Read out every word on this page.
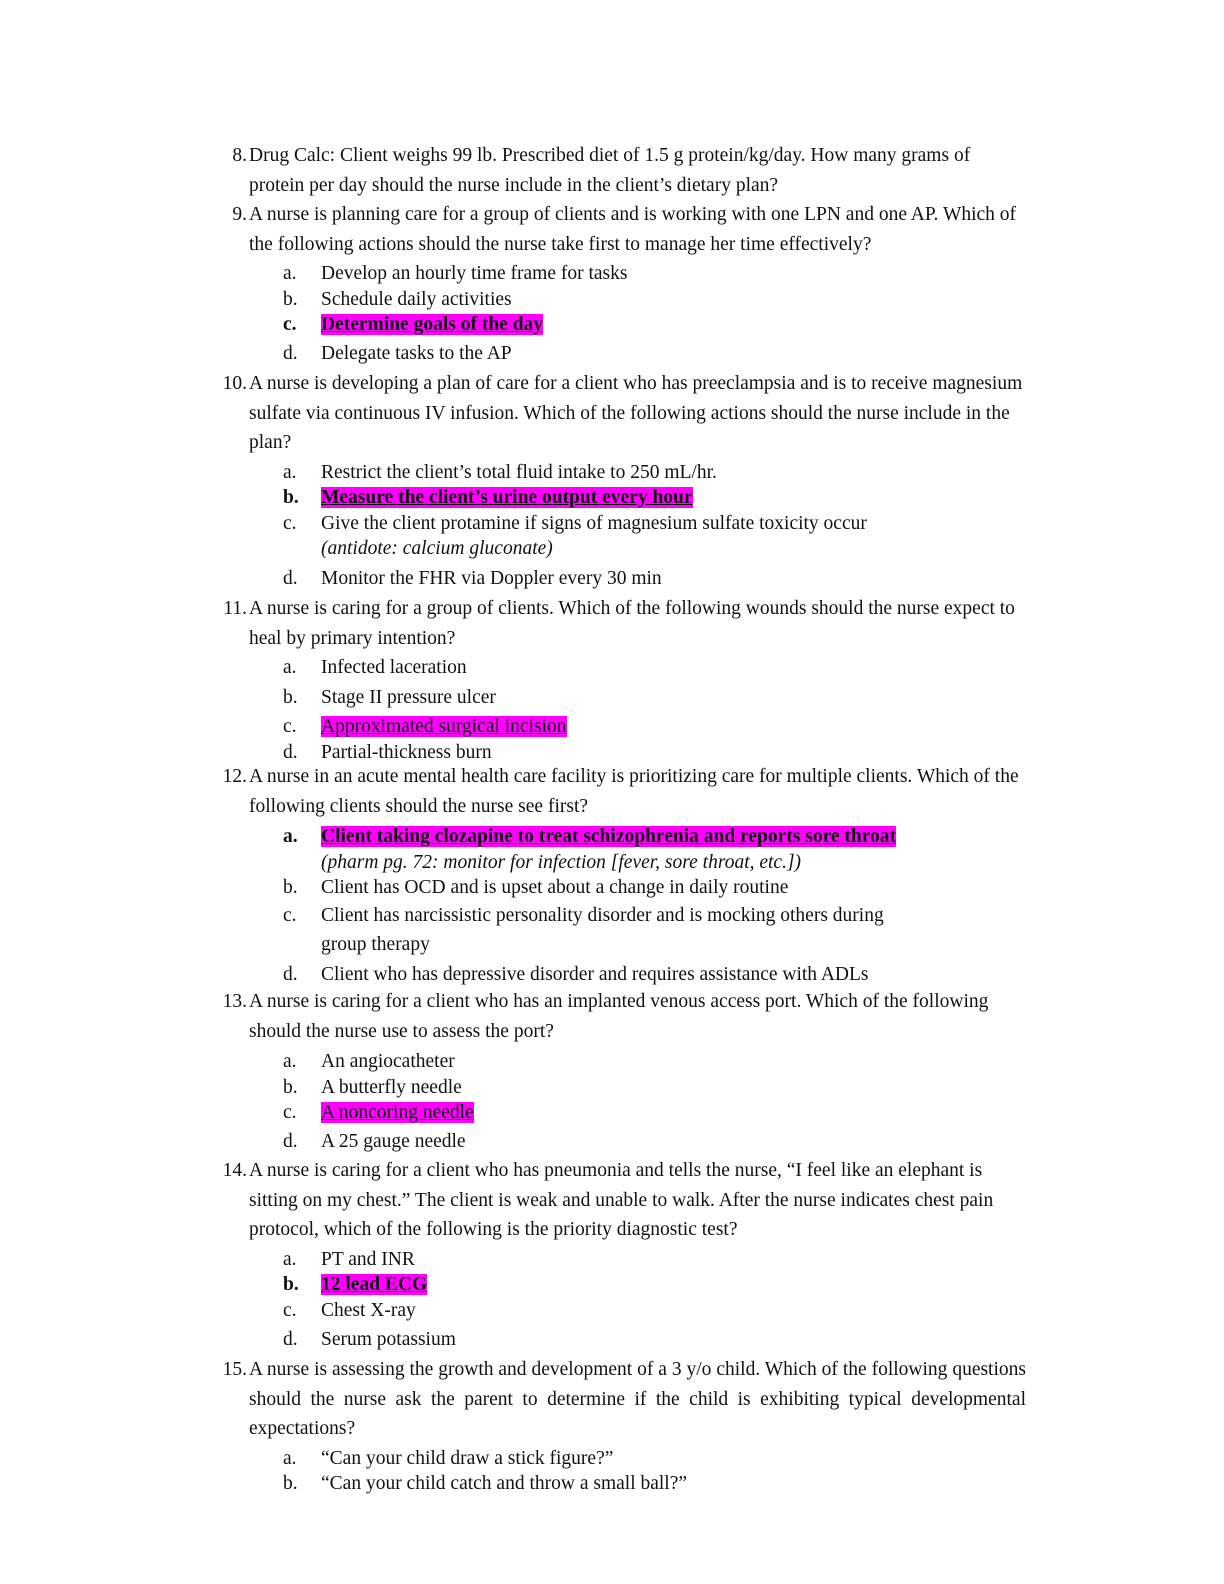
8. Drug Calc: Client weighs 99 lb. Prescribed diet of 1.5 g protein/kg/day. How many grams of protein per day should the nurse include in the client’s dietary plan?
9. A nurse is planning care for a group of clients and is working with one LPN and one AP. Which of the following actions should the nurse take first to manage her time effectively?
a.	Develop an hourly time frame for tasks
b.	Schedule daily activities
c.	Determine goals of the day
d.	Delegate tasks to the AP
10. A nurse is developing a plan of care for a client who has preeclampsia and is to receive magnesium sulfate via continuous IV infusion. Which of the following actions should the nurse include in the plan?
a.	Restrict the client’s total fluid intake to 250 mL/hr.
b.	Measure the client’s urine output every hour
c.	Give the client protamine if signs of magnesium sulfate toxicity occur
(antidote: calcium gluconate)
d.	Monitor the FHR via Doppler every 30 min
11. A nurse is caring for a group of clients. Which of the following wounds should the nurse expect to heal by primary intention?
a.	Infected laceration
b.	Stage II pressure ulcer
c.	Approximated surgical incision
d.	Partial-thickness burn
12. A nurse in an acute mental health care facility is prioritizing care for multiple clients. Which of the following clients should the nurse see first?
a.	Client taking clozapine to treat schizophrenia and reports sore throat
(pharm pg. 72: monitor for infection [fever, sore throat, etc.])
b.	Client has OCD and is upset about a change in daily routine
c.	Client has narcissistic personality disorder and is mocking others during group therapy
d.	Client who has depressive disorder and requires assistance with ADLs
13. A nurse is caring for a client who has an implanted venous access port. Which of the following should the nurse use to assess the port?
a.	An angiocatheter
b.	A butterfly needle
c.	A noncoring needle
d.	A 25 gauge needle
14. A nurse is caring for a client who has pneumonia and tells the nurse, “I feel like an elephant is sitting on my chest.” The client is weak and unable to walk. After the nurse indicates chest pain protocol, which of the following is the priority diagnostic test?
a.	PT and INR
b.	12 lead ECG
c.	Chest X-ray
d.	Serum potassium
15. A nurse is assessing the growth and development of a 3 y/o child. Which of the following questions should the nurse ask the parent to determine if the child is exhibiting typical developmental expectations?
a.	“Can your child draw a stick figure?”
b.	“Can your child catch and throw a small ball?”
